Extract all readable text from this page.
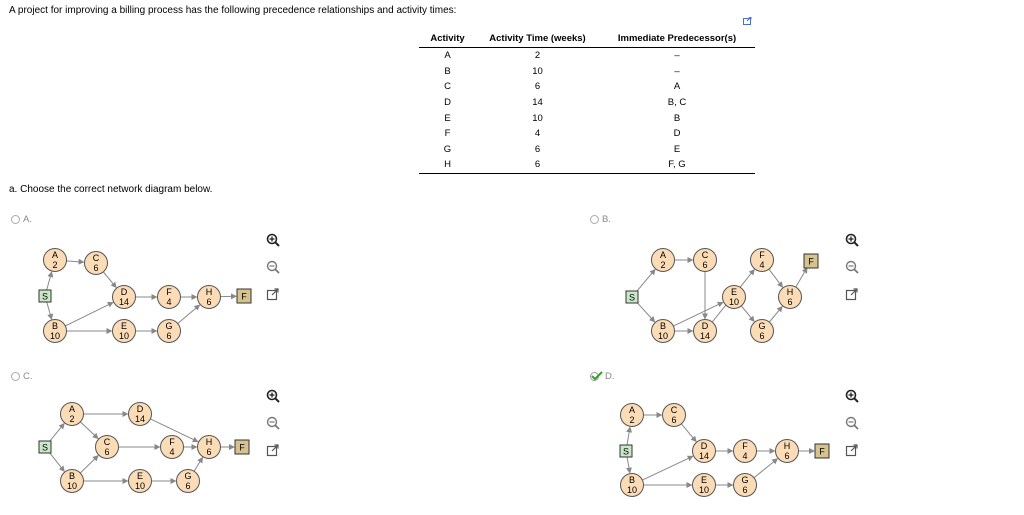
A project for improving a billing process has the following precedence relationships and activity times:
Activity	Activity Time (weeks)	Immediate Predecessor(s)
A	2	–
B	10	–
C	6	A
D	14	B, C
E	10	B
F	4	D
G	6	E
H	6	F, G
a. Choose the correct network diagram below.
A.	B.
C.	D.
S	F
A
2
C
6
D
14
F
4
H
6
B
10
E
10
G
6
S
F
A
2
C
6
B
10
D
14
E
10
F
4
H
6
G
6
S	F
A
2
D
14
C
6
F
4
H
6
B
10
E
10
G
6
S	F
A
2
C
6
B
10
D
14
F
4
H
6
E
10
G
6
